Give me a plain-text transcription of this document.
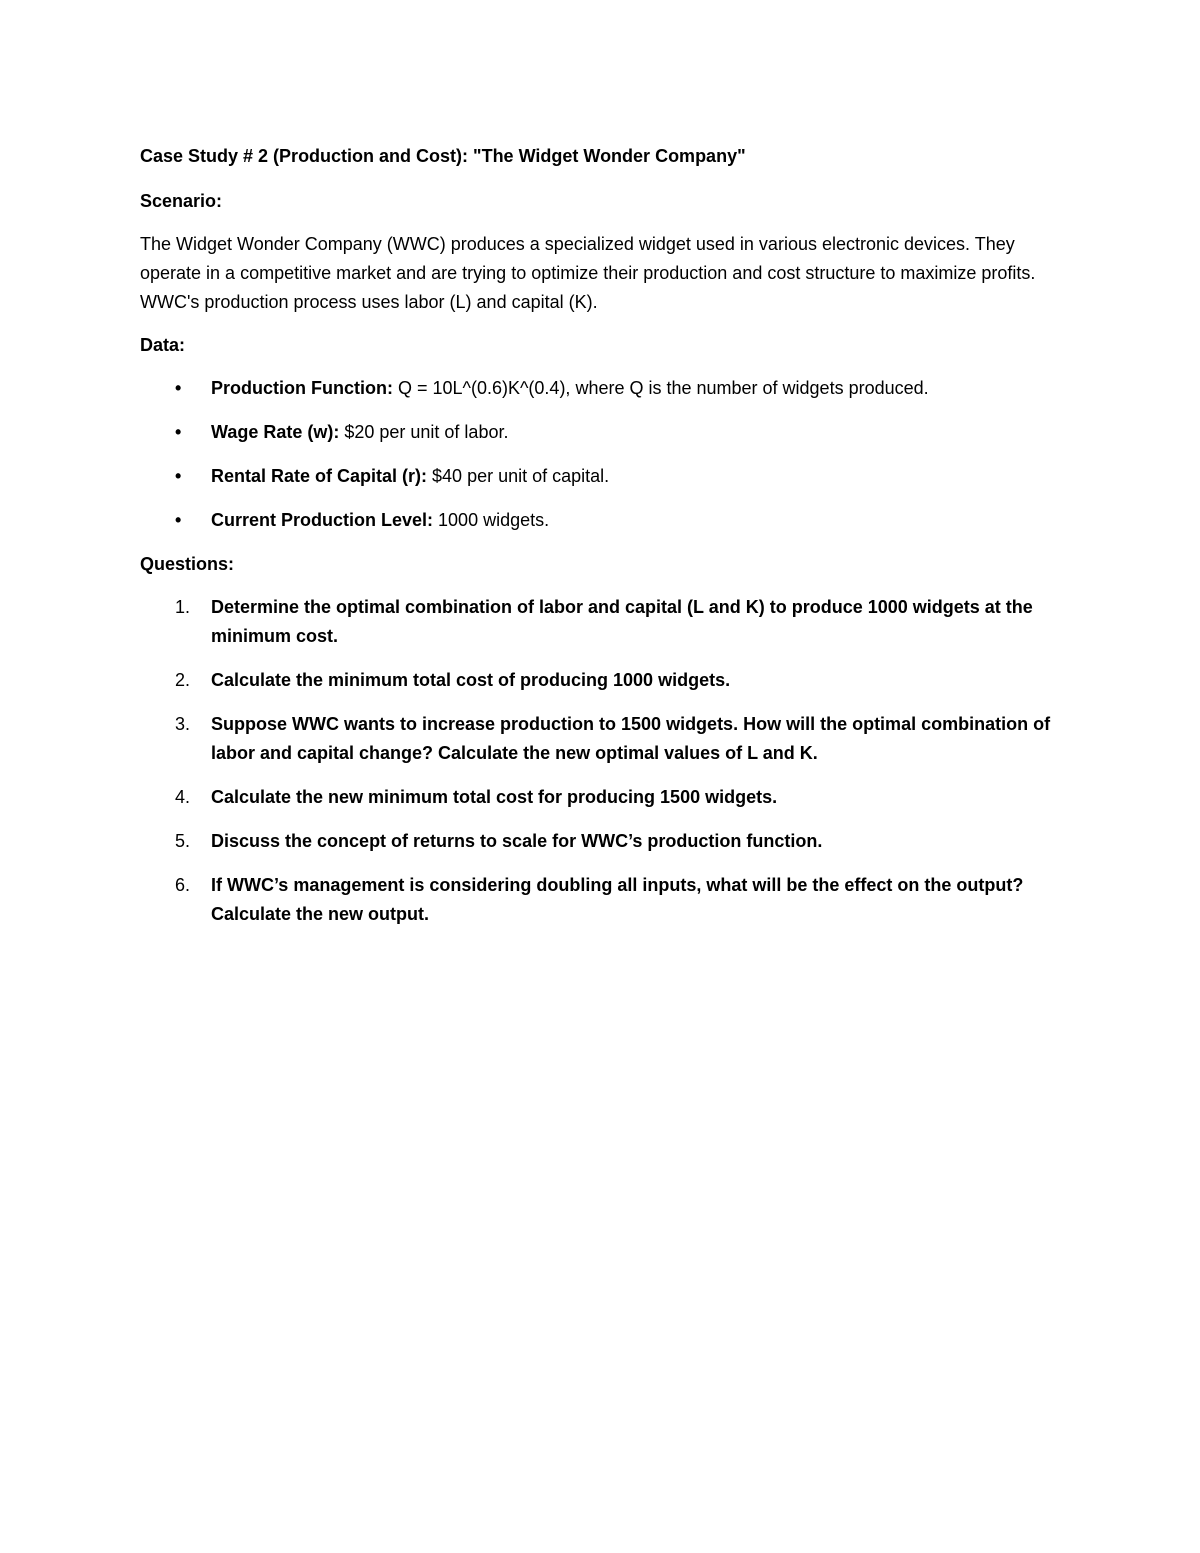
Case Study # 2 (Production and Cost): "The Widget Wonder Company"

Scenario:

The Widget Wonder Company (WWC) produces a specialized widget used in various electronic devices. They operate in a competitive market and are trying to optimize their production and cost structure to maximize profits. WWC's production process uses labor (L) and capital (K).

Data:

• Production Function: Q = 10L^(0.6)K^(0.4), where Q is the number of widgets produced.
• Wage Rate (w): $20 per unit of labor.
• Rental Rate of Capital (r): $40 per unit of capital.
• Current Production Level: 1000 widgets.

Questions:

1. Determine the optimal combination of labor and capital (L and K) to produce 1000 widgets at the minimum cost.
2. Calculate the minimum total cost of producing 1000 widgets.
3. Suppose WWC wants to increase production to 1500 widgets. How will the optimal combination of labor and capital change? Calculate the new optimal values of L and K.
4. Calculate the new minimum total cost for producing 1500 widgets.
5. Discuss the concept of returns to scale for WWC’s production function.
6. If WWC’s management is considering doubling all inputs, what will be the effect on the output? Calculate the new output.
